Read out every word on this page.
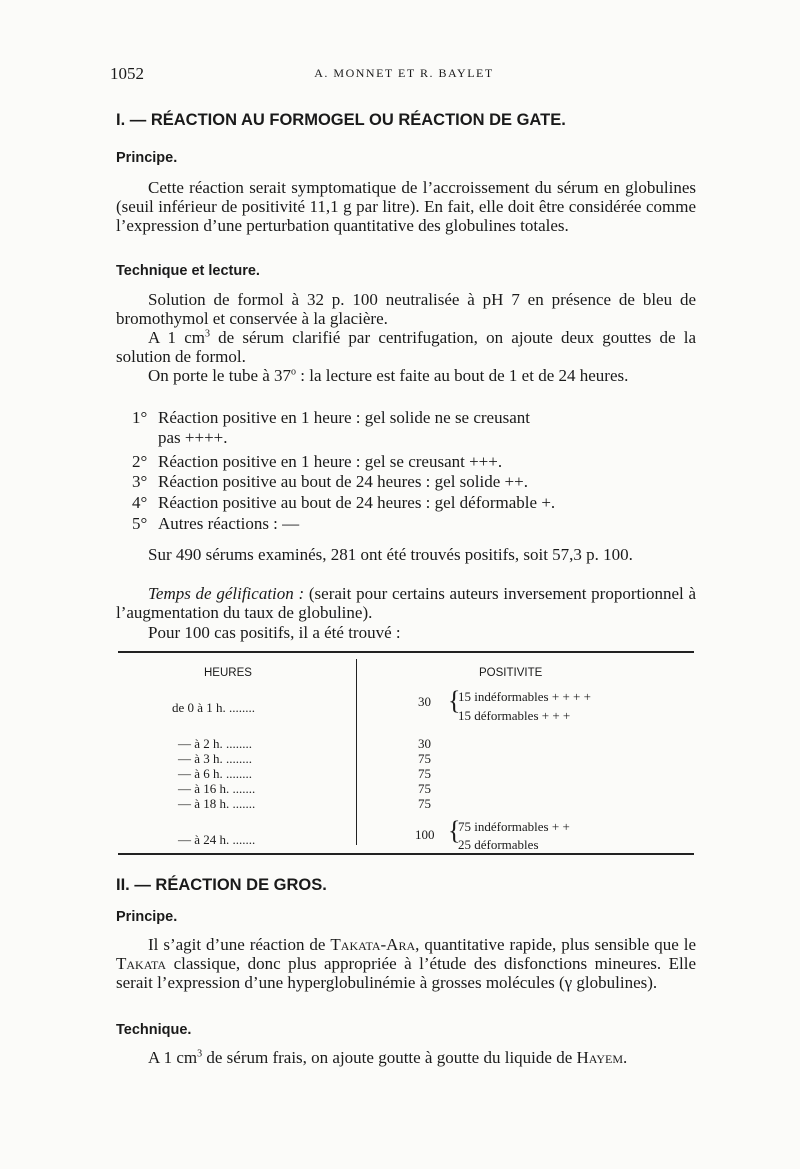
1052	A. MONNET ET R. BAYLET
I. — RÉACTION AU FORMOGEL OU RÉACTION DE GATE.
Principe.

Cette réaction serait symptomatique de l’accroissement du sérum en globulines (seuil inférieur de positivité 11,1 g par litre). En fait, elle doit être considérée comme l’expression d’une perturbation quantitative des globulines totales.

Technique et lecture.

Solution de formol à 32 p. 100 neutralisée à pH 7 en présence de bleu de bromothymol et conservée à la glacière.

A 1 $cm^3$ de sérum clarifié par centrifugation, on ajoute deux gouttes de la solution de formol.

On porte le tube à 37$^o$ : la lecture est faite au bout de 1 et de 24 heures.

1° Réaction positive en 1 heure : gel solide ne se creusant
pas ++++.

2° Réaction positive en 1 heure : gel se creusant +++.

3° Réaction positive au bout de 24 heures : gel solide ++.

4° Réaction positive au bout de 24 heures : gel déformable +.

5° Autres réactions : —

Sur 490 sérums examinés, 281 ont été trouvés positifs, soit 57,3 p. 100.

Temps de gélification : (serait pour certains auteurs inversement proportionnel à l’augmentation du taux de globuline).

Pour 100 cas positifs, il a été trouvé :

HEURES	POSITIVITE
de 0 à 1 h. ........	30 {
15 indéformables + + + +
15 déformables + + +
— à 2 h. ........	30
— à 3 h. ........	75
— à 6 h. ........	75
— à 16 h. .......	75
— à 18 h. .......	75
— à 24 h. .......	100 {
75 indéformables + +
25 déformables
II. — RÉACTION DE GROS.
Principe.

Il s’agit d’une réaction de Takata-Ara, quantitative rapide, plus sensible que le Takata classique, donc plus appropriée à l’étude des disfonctions mineures. Elle serait l’expression d’une hyperglobulinémie à grosses molécules (γ globulines).

Technique.

A 1 $cm^3$ de sérum frais, on ajoute goutte à goutte du liquide de Hayem.
